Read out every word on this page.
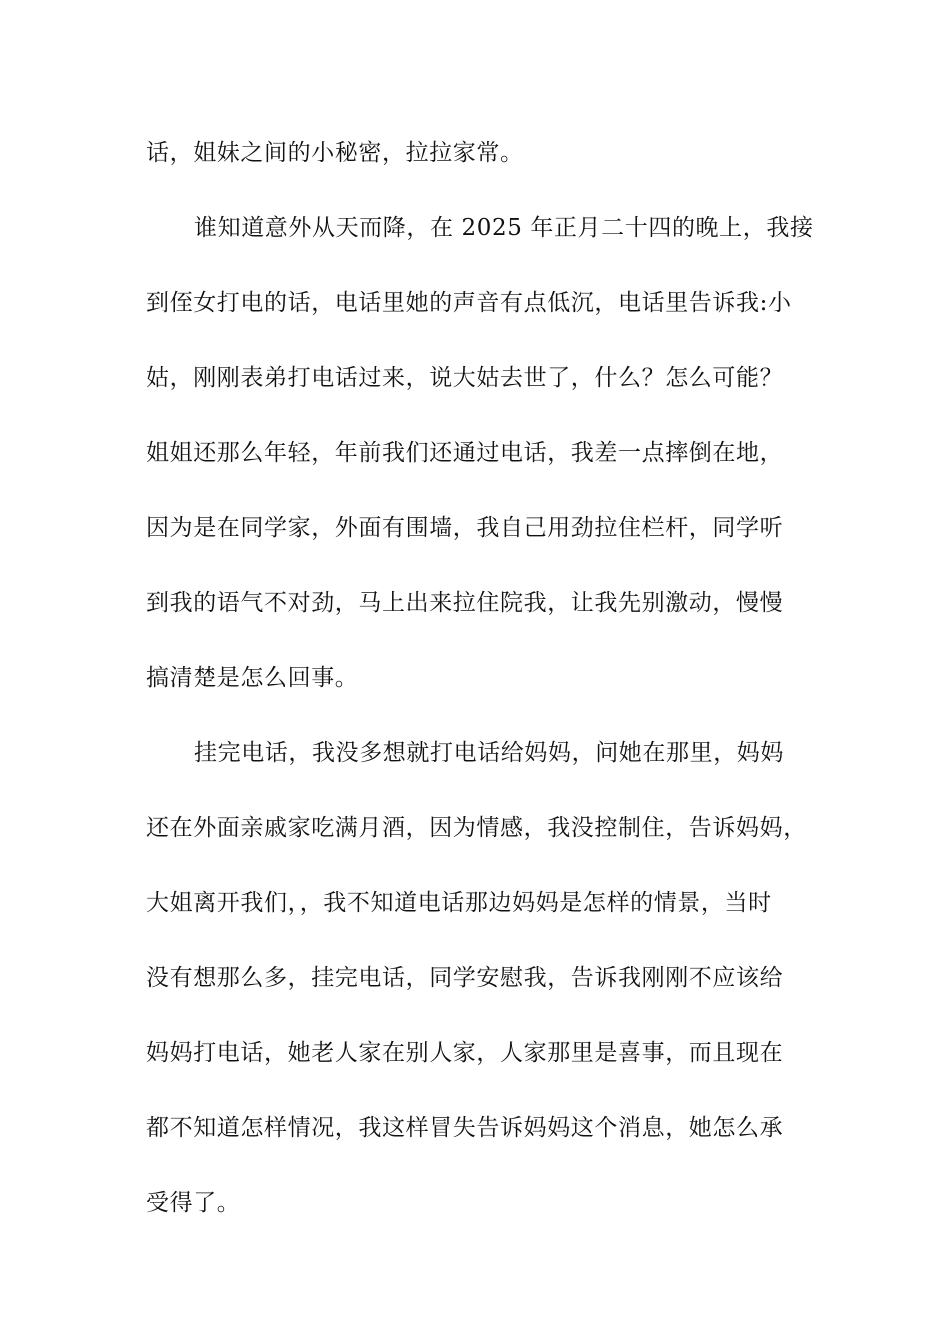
话，姐妹之间的小秘密，拉拉家常。
谁知道意外从天而降，在 2025 年正月二十四的晚上，我接
到侄女打电的话，电话里她的声音有点低沉，电话里告诉我:小
姑，刚刚表弟打电话过来，说大姑去世了，什么？怎么可能？
姐姐还那么年轻，年前我们还通过电话，我差一点摔倒在地，
因为是在同学家，外面有围墙，我自己用劲拉住栏杆，同学听
到我的语气不对劲，马上出来拉住院我，让我先别激动，慢慢
搞清楚是怎么回事。
挂完电话，我没多想就打电话给妈妈，问她在那里，妈妈
还在外面亲戚家吃满月酒，因为情感，我没控制住，告诉妈妈，
大姐离开我们，，我不知道电话那边妈妈是怎样的情景，当时
没有想那么多，挂完电话，同学安慰我，告诉我刚刚不应该给
妈妈打电话，她老人家在别人家，人家那里是喜事，而且现在
都不知道怎样情况，我这样冒失告诉妈妈这个消息，她怎么承
受得了。
